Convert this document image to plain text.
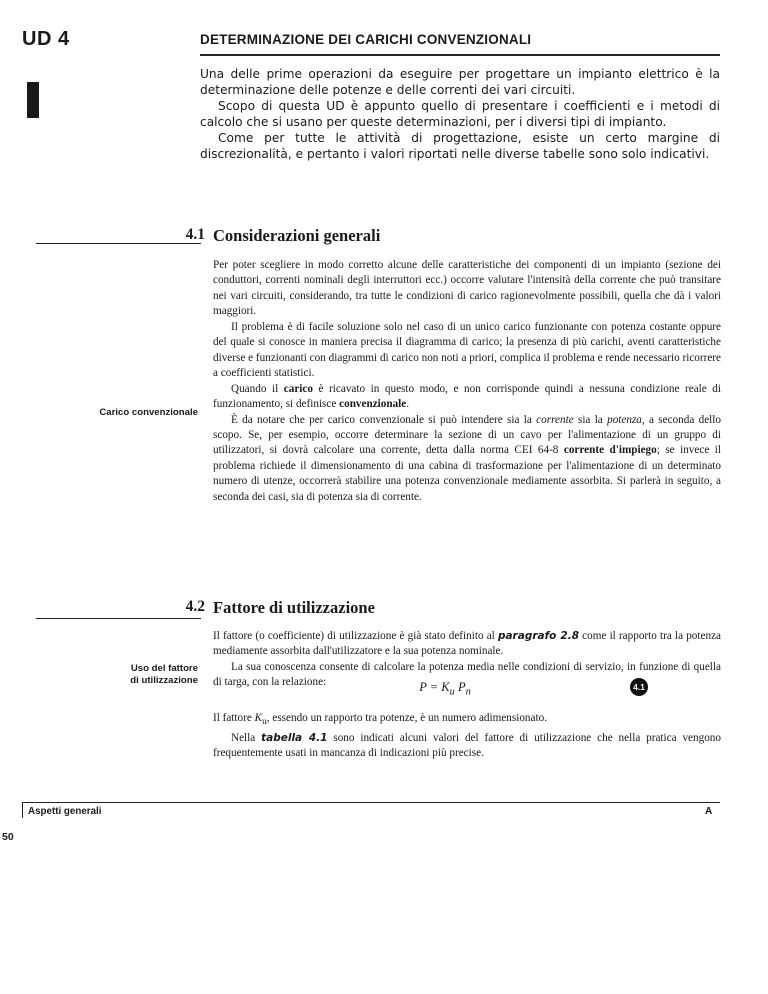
UD 4	DETERMINAZIONE DEI CARICHI CONVENZIONALI

Una delle prime operazioni da eseguire per progettare un impianto elettrico è la determinazione delle potenze e delle correnti dei vari circuiti.

Scopo di questa UD è appunto quello di presentare i coefficienti e i metodi di calcolo che si usano per queste determinazioni, per i diversi tipi di impianto.

Come per tutte le attività di progettazione, esiste un certo margine di discrezionalità, e pertanto i valori riportati nelle diverse tabelle sono solo indicativi.

4.1 Considerazioni generali
Carico convenzionale

Per poter scegliere in modo corretto alcune delle caratteristiche dei componenti di un impianto (sezione dei conduttori, correnti nominali degli interruttori ecc.) occorre valutare l'intensità della corrente che può transitare nei vari circuiti, considerando, tra tutte le condizioni di carico ragionevolmente possibili, quella che dà i valori maggiori.

Il problema è di facile soluzione solo nel caso di un unico carico funzionante con potenza costante oppure del quale si conosce in maniera precisa il diagramma di carico; la presenza di più carichi, aventi caratteristiche diverse e funzionanti con diagrammi di carico non noti a priori, complica il problema e rende necessario ricorrere a coefficienti statistici.

Quando il carico è ricavato in questo modo, e non corrisponde quindi a nessuna condizione reale di funzionamento, si definisce convenzionale.

È da notare che per carico convenzionale si può intendere sia la corrente sia la potenza, a seconda dello scopo. Se, per esempio, occorre determinare la sezione di un cavo per l'alimentazione di un gruppo di utilizzatori, si dovrà calcolare una corrente, detta dalla norma CEI 64-8 corrente d'impiego; se invece il problema richiede il dimensionamento di una cabina di trasformazione per l'alimentazione di un determinato numero di utenze, occorrerà stabilire una potenza convenzionale mediamente assorbita. Si parlerà in seguito, a seconda dei casi, sia di potenza sia di corrente.

4.2 Fattore di utilizzazione
Uso del fattore
di utilizzazione

Il fattore (o coefficiente) di utilizzazione è già stato definito al paragrafo 2.8 come il rapporto tra la potenza mediamente assorbita dall'utilizzatore e la sua potenza nominale.

La sua conoscenza consente di calcolare la potenza media nelle condizioni di servizio, in funzione di quella di targa, con la relazione:	$P = K_u$ $P_n$	4.1

Il fattore $K_u$, essendo un rapporto tra potenze, è un numero adimensionato.

Nella tabella 4.1 sono indicati alcuni valori del fattore di utilizzazione che nella pratica vengono frequentemente usati in mancanza di indicazioni più precise.

Aspetti generali	A
50
